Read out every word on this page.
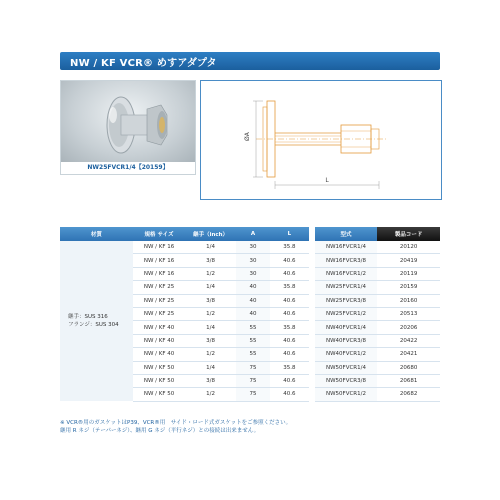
NW / KF VCR® めすアダプタ
NW25FVCR1/4【20159】
ØA
L
材質	規格 サイズ	継手（inch）	A	L		型式	製品コード

継手：SUS 316
フランジ：SUS 304	NW / KF 16	1/4	30	35.8		NW16FVCR1/4	20120
	NW / KF 16	3/8	30	40.6		NW16FVCR3/8	20419
	NW / KF 16	1/2	30	40.6		NW16FVCR1/2	20119
	NW / KF 25	1/4	40	35.8		NW25FVCR1/4	20159
	NW / KF 25	3/8	40	40.6		NW25FVCR3/8	20160
	NW / KF 25	1/2	40	40.6		NW25FVCR1/2	20513
	NW / KF 40	1/4	55	35.8		NW40FVCR1/4	20206
	NW / KF 40	3/8	55	40.6		NW40FVCR3/8	20422
	NW / KF 40	1/2	55	40.6		NW40FVCR1/2	20421
	NW / KF 50	1/4	75	35.8		NW50FVCR1/4	20680
	NW / KF 50	3/8	75	40.6		NW50FVCR3/8	20681
	NW / KF 50	1/2	75	40.6		NW50FVCR1/2	20682
※ VCR®用のガスケットはP39、VCR®用　サイド・ロード式ガスケットをご参照ください。
継用 R ネジ（テーパーネジ）、継用 G ネジ（平行ネジ）との接続は出来ません。
